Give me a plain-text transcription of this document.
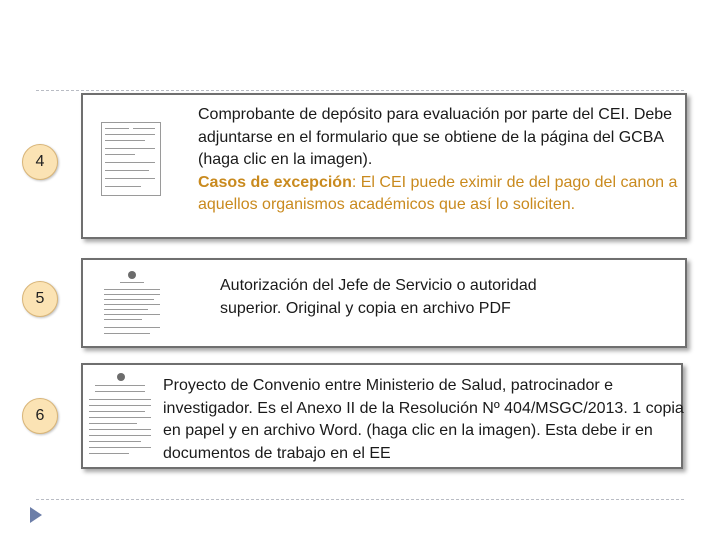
4
Comprobante de depósito para evaluación por parte del CEI. Debe adjuntarse en el formulario que se obtiene de la página del GCBA (haga clic en la imagen).
Casos de excepción: El CEI puede eximir de del pago del canon a aquellos organismos académicos que así lo soliciten.
5
Autorización del Jefe de Servicio o autoridad superior. Original y copia en archivo PDF
6
Proyecto de Convenio entre Ministerio de Salud, patrocinador e investigador. Es el Anexo II de la Resolución Nº 404/MSGC/2013. 1 copia en papel y en archivo Word. (haga clic en la imagen). Esta debe ir en documentos de trabajo en el EE
